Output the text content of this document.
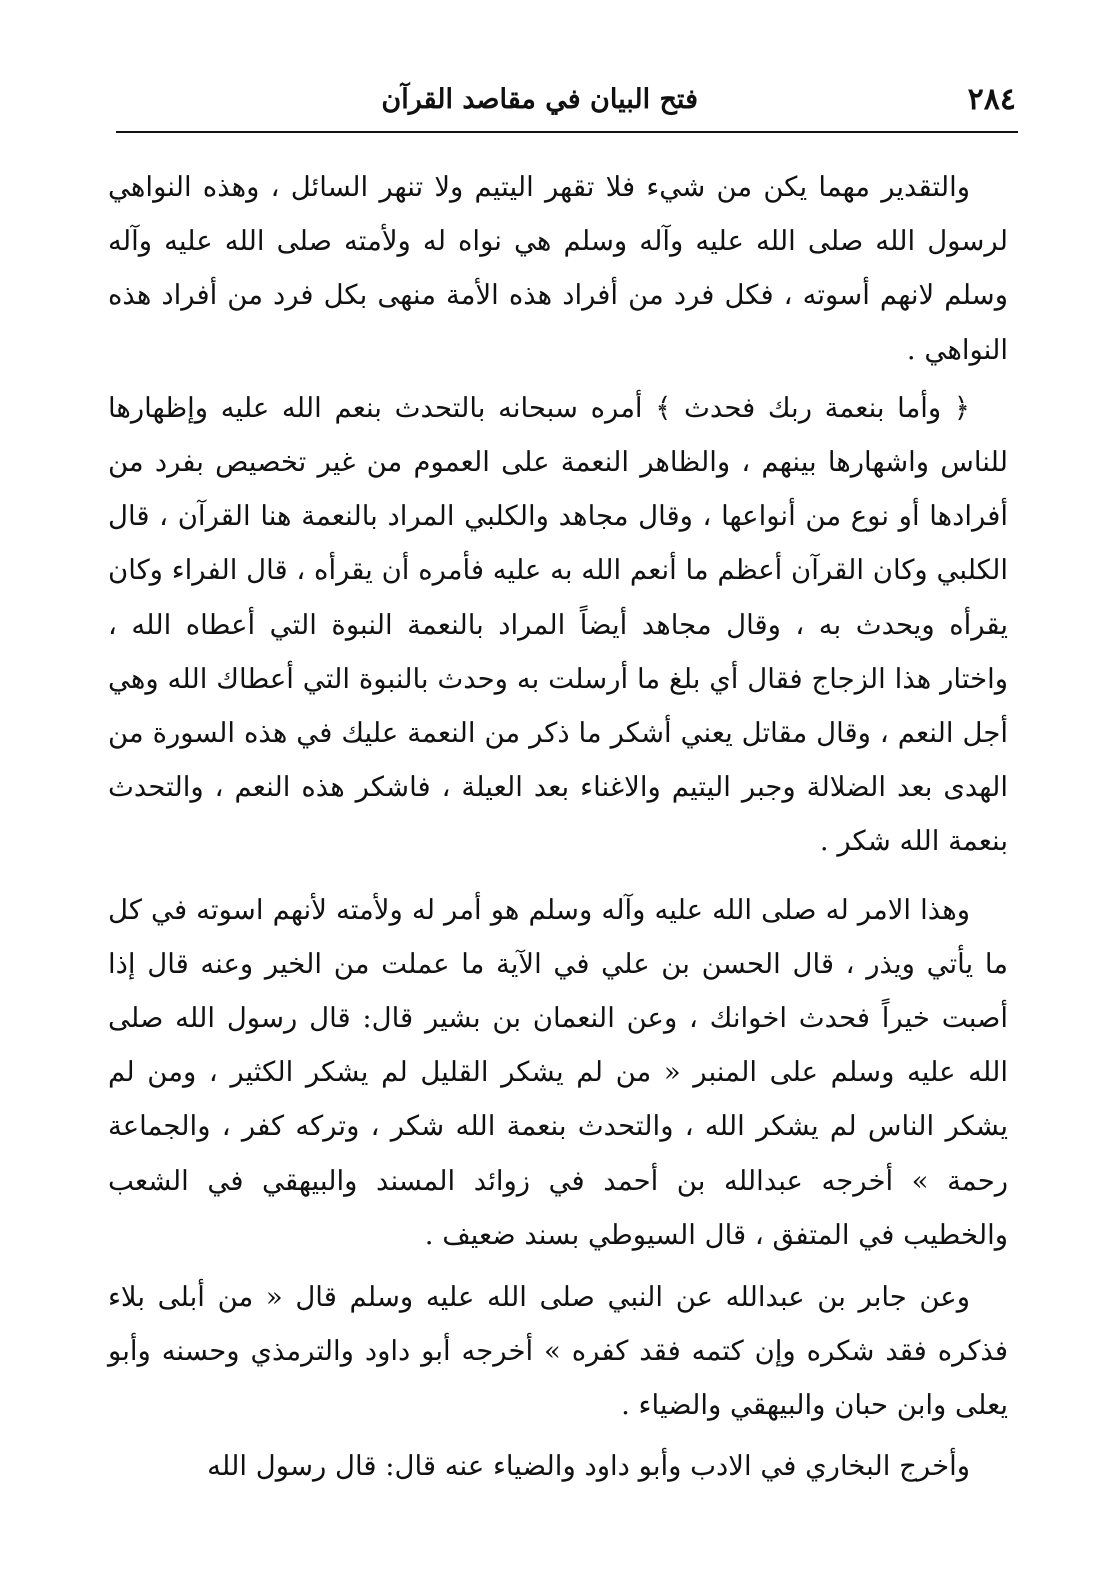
٢٨٤
فتح البيان في مقاصد القرآن

والتقدير مهما يكن من شيء فلا تقهر اليتيم ولا تنهر السائل ، وهذه النواهي لرسول الله صلى الله عليه وآله وسلم هي نواه له ولأمته صلى الله عليه وآله وسلم لانهم أسوته ، فكل فرد من أفراد هذه الأمة منهى بكل فرد من أفراد هذه النواهي .

﴿ وأما بنعمة ربك فحدث ﴾ أمره سبحانه بالتحدث بنعم الله عليه وإظهارها للناس واشهارها بينهم ، والظاهر النعمة على العموم من غير تخصيص بفرد من أفرادها أو نوع من أنواعها ، وقال مجاهد والكلبي المراد بالنعمة هنا القرآن ، قال الكلبي وكان القرآن أعظم ما أنعم الله به عليه فأمره أن يقرأه ، قال الفراء وكان يقرأه ويحدث به ، وقال مجاهد أيضاً المراد بالنعمة النبوة التي أعطاه الله ، واختار هذا الزجاج فقال أي بلغ ما أرسلت به وحدث بالنبوة التي أعطاك الله وهي أجل النعم ، وقال مقاتل يعني أشكر ما ذكر من النعمة عليك في هذه السورة من الهدى بعد الضلالة وجبر اليتيم والاغناء بعد العيلة ، فاشكر هذه النعم ، والتحدث بنعمة الله شكر .

وهذا الامر له صلى الله عليه وآله وسلم هو أمر له ولأمته لأنهم اسوته في كل ما يأتي ويذر ، قال الحسن بن علي في الآية ما عملت من الخير وعنه قال إذا أصبت خيراً فحدث اخوانك ، وعن النعمان بن بشير قال: قال رسول الله صلى الله عليه وسلم على المنبر « من لم يشكر القليل لم يشكر الكثير ، ومن لم يشكر الناس لم يشكر الله ، والتحدث بنعمة الله شكر ، وتركه كفر ، والجماعة رحمة » أخرجه عبدالله بن أحمد في زوائد المسند والبيهقي في الشعب والخطيب في المتفق ، قال السيوطي بسند ضعيف .

وعن جابر بن عبدالله عن النبي صلى الله عليه وسلم قال « من أبلى بلاء فذكره فقد شكره وإن كتمه فقد كفره » أخرجه أبو داود والترمذي وحسنه وأبو يعلى وابن حبان والبيهقي والضياء .

وأخرج البخاري في الادب وأبو داود والضياء عنه قال: قال رسول الله
